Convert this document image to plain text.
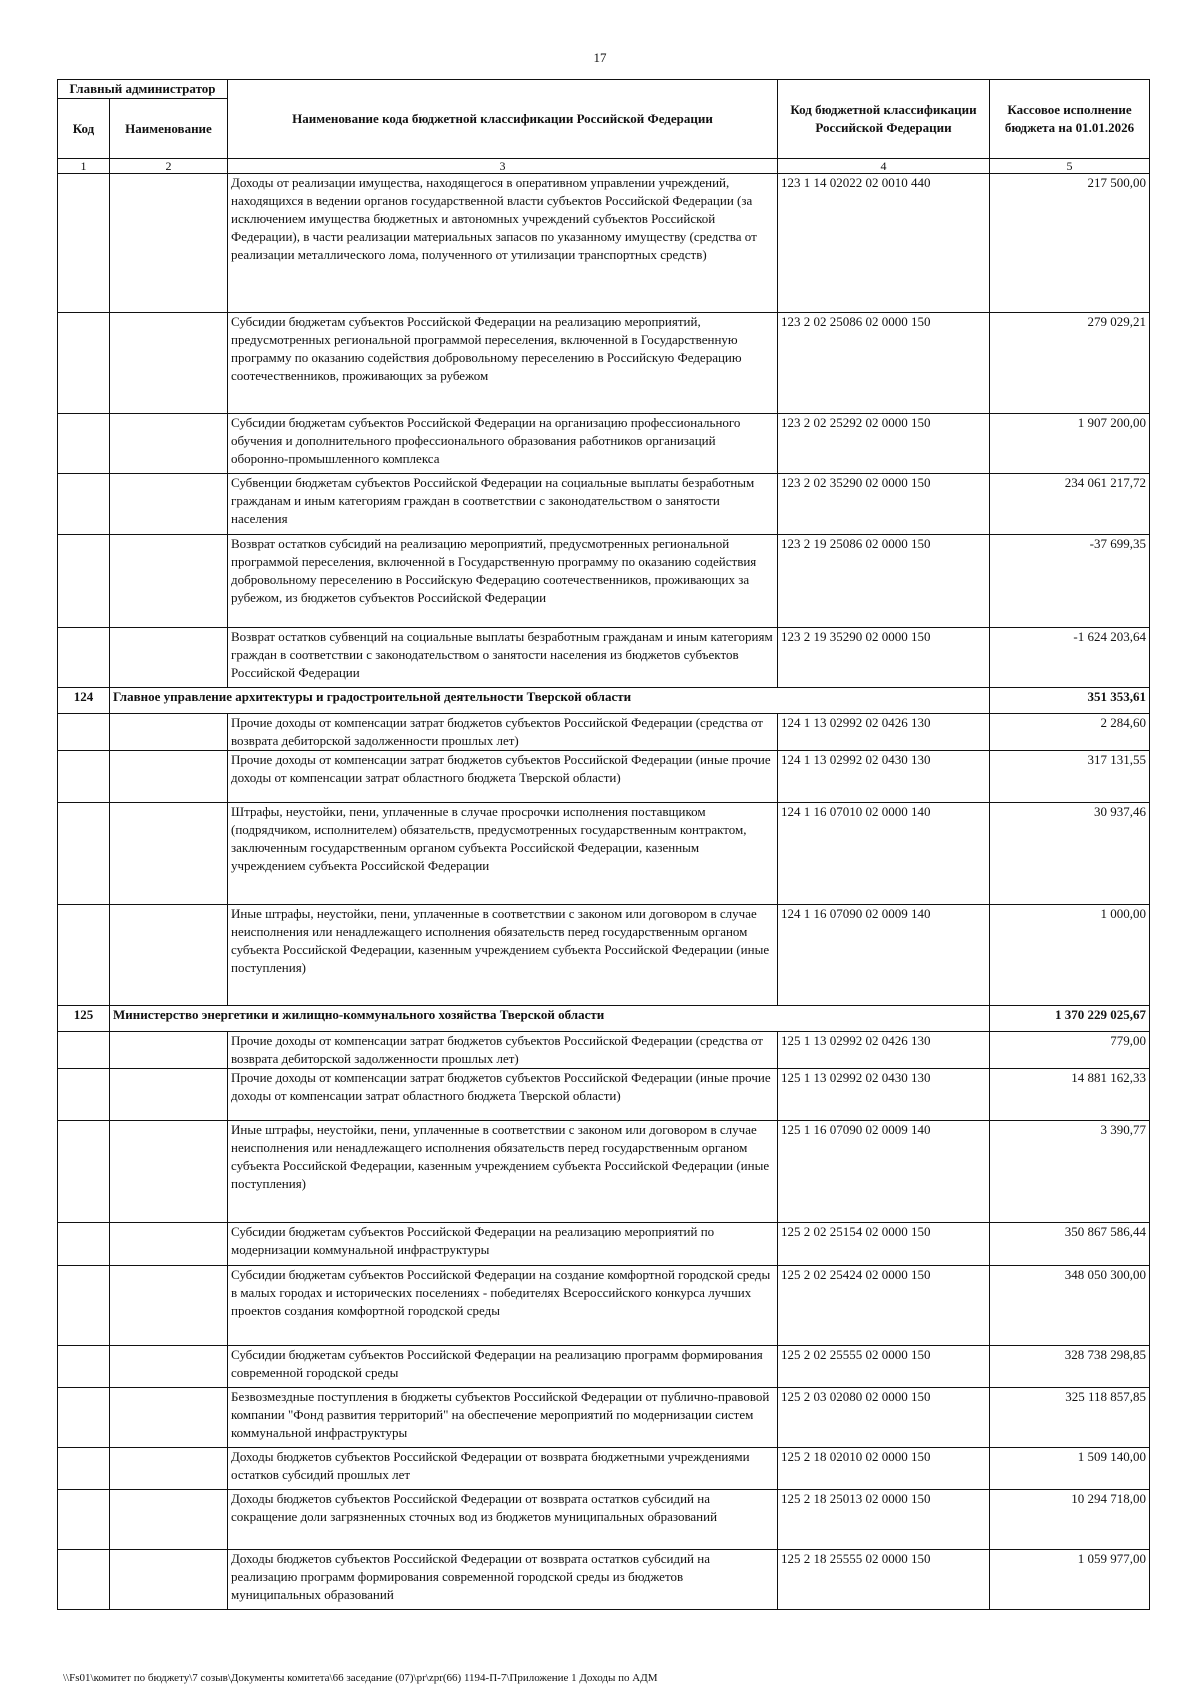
17
Главный администратор		Наименование кода бюджетной классификации Российской Федерации	Код бюджетной классификации Российской Федерации	Кассовое исполнение бюджета на 01.01.2026
Код	Наименование			
1	2	3	4	5
		Доходы от реализации имущества, находящегося в оперативном управлении учреждений, находящихся в ведении органов государственной власти субъектов Российской Федерации (за исключением имущества бюджетных и автономных учреждений субъектов Российской Федерации), в части реализации материальных запасов по указанному имуществу (средства от реализации металлического лома, полученного от утилизации транспортных средств)	123 1 14 02022 02 0010 440	217 500,00
		Субсидии бюджетам субъектов Российской Федерации на реализацию мероприятий, предусмотренных региональной программой переселения, включенной в Государственную программу по оказанию содействия добровольному переселению в Российскую Федерацию соотечественников, проживающих за рубежом	123 2 02 25086 02 0000 150	279 029,21
		Субсидии бюджетам субъектов Российской Федерации на организацию профессионального обучения и дополнительного профессионального образования работников организаций оборонно-промышленного комплекса	123 2 02 25292 02 0000 150	1 907 200,00
		Субвенции бюджетам субъектов Российской Федерации на социальные выплаты безработным гражданам и иным категориям граждан в соответствии с законодательством о занятости населения	123 2 02 35290 02 0000 150	234 061 217,72
		Возврат остатков субсидий на реализацию мероприятий, предусмотренных региональной программой переселения, включенной в Государственную программу по оказанию содействия добровольному переселению в Российскую Федерацию соотечественников, проживающих за рубежом, из бюджетов субъектов Российской Федерации	123 2 19 25086 02 0000 150	-37 699,35
		Возврат остатков субвенций на социальные выплаты безработным гражданам и иным категориям граждан в соответствии с законодательством о занятости населения из бюджетов субъектов Российской Федерации	123 2 19 35290 02 0000 150	-1 624 203,64
124	Главное управление архитектуры и градостроительной деятельности Тверской области			351 353,61
		Прочие доходы от компенсации затрат бюджетов субъектов Российской Федерации (средства от возврата дебиторской задолженности прошлых лет)	124 1 13 02992 02 0426 130	2 284,60
		Прочие доходы от компенсации затрат бюджетов субъектов Российской Федерации (иные прочие доходы от компенсации затрат областного бюджета Тверской области)	124 1 13 02992 02 0430 130	317 131,55
		Штрафы, неустойки, пени, уплаченные в случае просрочки исполнения поставщиком (подрядчиком, исполнителем) обязательств, предусмотренных государственным контрактом, заключенным государственным органом субъекта Российской Федерации, казенным учреждением субъекта Российской Федерации	124 1 16 07010 02 0000 140	30 937,46
		Иные штрафы, неустойки, пени, уплаченные в соответствии с законом или договором в случае неисполнения или ненадлежащего исполнения обязательств перед государственным органом субъекта Российской Федерации, казенным учреждением субъекта Российской Федерации (иные поступления)	124 1 16 07090 02 0009 140	1 000,00
125	Министерство энергетики и жилищно-коммунального хозяйства Тверской области			1 370 229 025,67
		Прочие доходы от компенсации затрат бюджетов субъектов Российской Федерации (средства от возврата дебиторской задолженности прошлых лет)	125 1 13 02992 02 0426 130	779,00
		Прочие доходы от компенсации затрат бюджетов субъектов Российской Федерации (иные прочие доходы от компенсации затрат областного бюджета Тверской области)	125 1 13 02992 02 0430 130	14 881 162,33
		Иные штрафы, неустойки, пени, уплаченные в соответствии с законом или договором в случае неисполнения или ненадлежащего исполнения обязательств перед государственным органом субъекта Российской Федерации, казенным учреждением субъекта Российской Федерации (иные поступления)	125 1 16 07090 02 0009 140	3 390,77
		Субсидии бюджетам субъектов Российской Федерации на реализацию мероприятий по модернизации коммунальной инфраструктуры	125 2 02 25154 02 0000 150	350 867 586,44
		Субсидии бюджетам субъектов Российской Федерации на создание комфортной городской среды в малых городах и исторических поселениях - победителях Всероссийского конкурса лучших проектов создания комфортной городской среды	125 2 02 25424 02 0000 150	348 050 300,00
		Субсидии бюджетам субъектов Российской Федерации на реализацию программ формирования современной городской среды	125 2 02 25555 02 0000 150	328 738 298,85
		Безвозмездные поступления в бюджеты субъектов Российской Федерации от публично-правовой компании "Фонд развития территорий" на обеспечение мероприятий по модернизации систем коммунальной инфраструктуры	125 2 03 02080 02 0000 150	325 118 857,85
		Доходы бюджетов субъектов Российской Федерации от возврата бюджетными учреждениями остатков субсидий прошлых лет	125 2 18 02010 02 0000 150	1 509 140,00
		Доходы бюджетов субъектов Российской Федерации от возврата остатков субсидий на сокращение доли загрязненных сточных вод из бюджетов муниципальных образований	125 2 18 25013 02 0000 150	10 294 718,00
		Доходы бюджетов субъектов Российской Федерации от возврата остатков субсидий на реализацию программ формирования современной городской среды из бюджетов муниципальных образований	125 2 18 25555 02 0000 150	1 059 977,00
\\Fs01\комитет по бюджету\7 созыв\Документы комитета\66 заседание (07)\pr\zpr(66) 1194-П-7\Приложение 1 Доходы по АДМ
